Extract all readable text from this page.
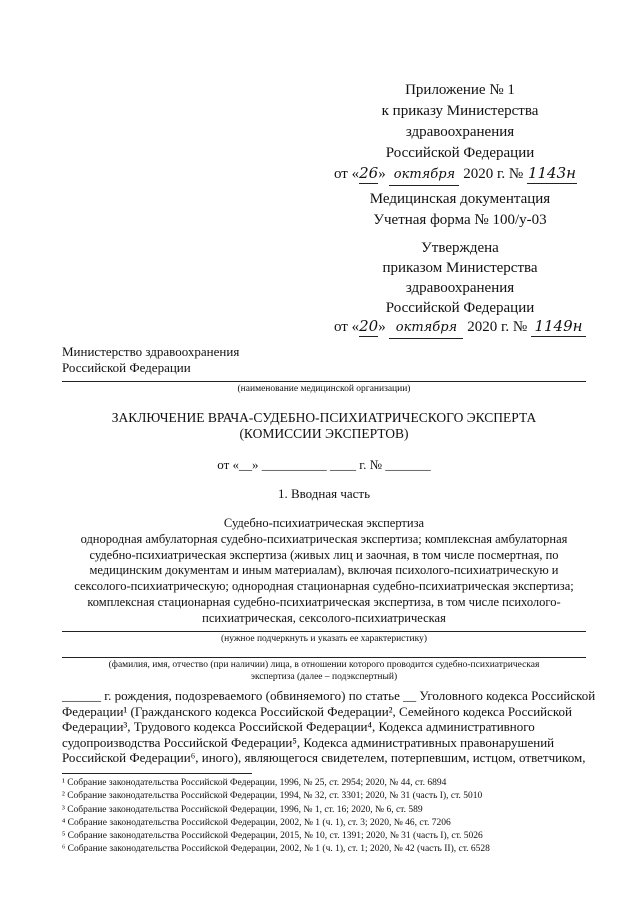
Приложение № 1
к приказу Министерства
здравоохранения
Российской Федерации
от «26» октября 2020 г. № 1143н
Медицинская документация
Учетная форма № 100/у-03
Утверждена
приказом Министерства
здравоохранения
Российской Федерации
от «20» октября 2020 г. № 1149н
Министерство здравоохранения
Российской Федерации
(наименование медицинской организации)
ЗАКЛЮЧЕНИЕ ВРАЧА-СУДЕБНО-ПСИХИАТРИЧЕСКОГО ЭКСПЕРТА
(КОМИССИИ ЭКСПЕРТОВ)
от «__» __________ ____ г. № _______
1. Вводная часть
Судебно-психиатрическая экспертиза
однородная амбулаторная судебно-психиатрическая экспертиза; комплексная амбулаторная
судебно-психиатрическая экспертиза (живых лиц и заочная, в том числе посмертная, по
медицинским документам и иным материалам), включая психолого-психиатрическую и
сексолого-психиатрическую; однородная стационарная судебно-психиатрическая экспертиза;
комплексная стационарная судебно-психиатрическая экспертиза, в том числе психолого-
психиатрическая, сексолого-психиатрическая
(нужное подчеркнуть и указать ее характеристику)
(фамилия, имя, отчество (при наличии) лица, в отношении которого проводится судебно-психиатрическая
экспертиза (далее – подэкспертный)
______ г. рождения, подозреваемого (обвиняемого) по статье __ Уголовного кодекса Российской
Федерации¹ (Гражданского кодекса Российской Федерации², Семейного кодекса Российской
Федерации³, Трудового кодекса Российской Федерации⁴, Кодекса административного
судопроизводства Российской Федерации⁵, Кодекса административных правонарушений
Российской Федерации⁶, иного), являющегося свидетелем, потерпевшим, истцом, ответчиком,
¹ Собрание законодательства Российской Федерации, 1996, № 25, ст. 2954; 2020, № 44, ст. 6894
² Собрание законодательства Российской Федерации, 1994, № 32, ст. 3301; 2020, № 31 (часть I), ст. 5010
³ Собрание законодательства Российской Федерации, 1996, № 1, ст. 16; 2020, № 6, ст. 589
⁴ Собрание законодательства Российской Федерации, 2002, № 1 (ч. 1), ст. 3; 2020, № 46, ст. 7206
⁵ Собрание законодательства Российской Федерации, 2015, № 10, ст. 1391; 2020, № 31 (часть I), ст. 5026
⁶ Собрание законодательства Российской Федерации, 2002, № 1 (ч. 1), ст. 1; 2020, № 42 (часть II), ст. 6528
